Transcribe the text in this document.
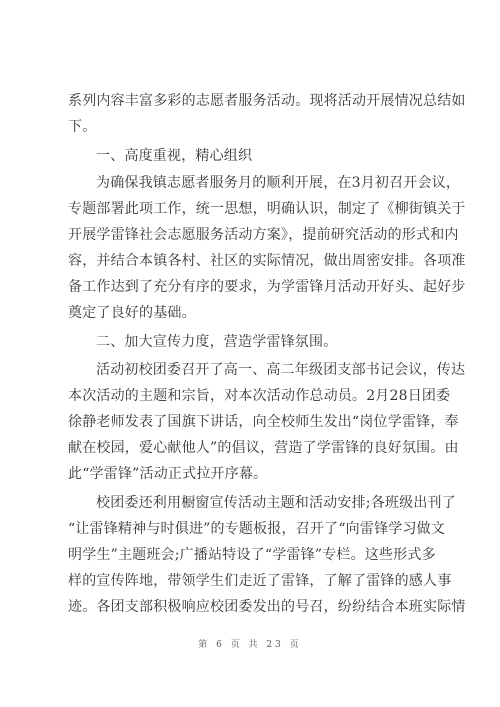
系列内容丰富多彩的志愿者服务活动。现将活动开展情况总结如
下。
一、高度重视，精心组织
为确保我镇志愿者服务月的顺利开展，在3月初召开会议，
专题部署此项工作，统一思想，明确认识，制定了《柳街镇关于
开展学雷锋社会志愿服务活动方案》，提前研究活动的形式和内
容，并结合本镇各村、社区的实际情况，做出周密安排。各项准
备工作达到了充分有序的要求，为学雷锋月活动开好头、起好步
奠定了良好的基础。
二、加大宣传力度，营造学雷锋氛围。
活动初校团委召开了高一、高二年级团支部书记会议，传达
本次活动的主题和宗旨，对本次活动作总动员。2月28日团委
徐静老师发表了国旗下讲话，向全校师生发出“岗位学雷锋，奉
献在校园，爱心献他人”的倡议，营造了学雷锋的良好氛围。由
此“学雷锋”活动正式拉开序幕。
校团委还利用橱窗宣传活动主题和活动安排;各班级出刊了
“让雷锋精神与时俱进”的专题板报，召开了“向雷锋学习做文
明学生”主题班会;广播站特设了“学雷锋”专栏。这些形式多
样的宣传阵地，带领学生们走近了雷锋，了解了雷锋的感人事
迹。各团支部积极响应校团委发出的号召，纷纷结合本班实际情
第 6 页 共 23 页
